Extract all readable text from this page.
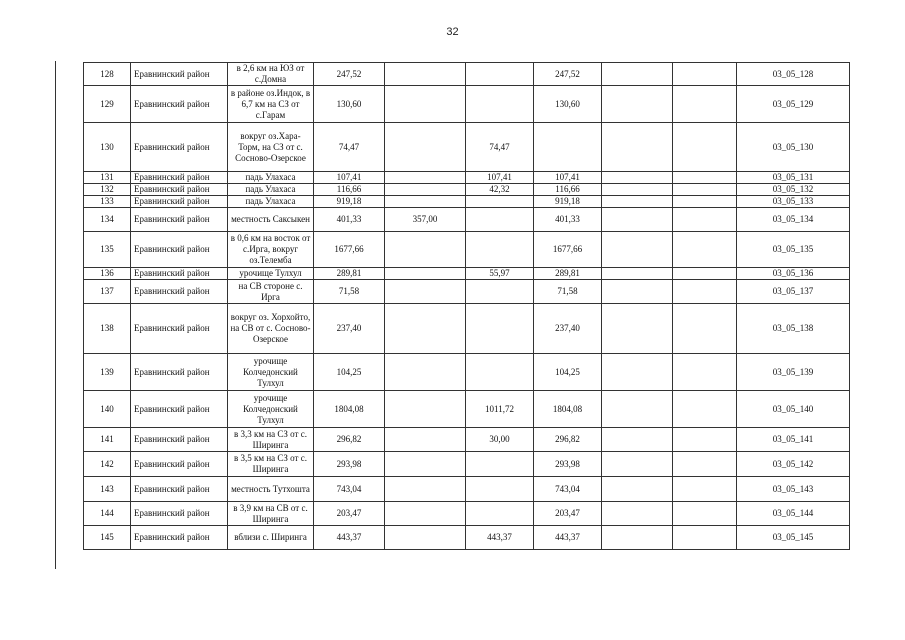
32
128	Еравнинский район	в 2,6 км на ЮЗ от с.Домна	247,52			247,52			03_05_128
129	Еравнинский район	в районе оз.Индок, в 6,7 км на СЗ от с.Гарам	130,60			130,60			03_05_129
130	Еравнинский район	вокруг оз.Хара-Торм, на СЗ от с. Сосново-Озерское	74,47		74,47				03_05_130
131	Еравнинский район	падь Улахаса	107,41		107,41	107,41			03_05_131
132	Еравнинский район	падь Улахаса	116,66		42,32	116,66			03_05_132
133	Еравнинский район	падь Улахаса	919,18			919,18			03_05_133
134	Еравнинский район	местность Саксыкен	401,33	357,00		401,33			03_05_134
135	Еравнинский район	в 0,6 км на восток от с.Ирга, вокруг оз.Телемба	1677,66			1677,66			03_05_135
136	Еравнинский район	урочище Тулхул	289,81		55,97	289,81			03_05_136
137	Еравнинский район	на СВ стороне с. Ирга	71,58			71,58			03_05_137
138	Еравнинский район	вокруг оз. Хорхойто, на СВ от с. Сосново-Озерское	237,40			237,40			03_05_138
139	Еравнинский район	урочище Колчедонский Тулхул	104,25			104,25			03_05_139
140	Еравнинский район	урочище Колчедонский Тулхул	1804,08		1011,72	1804,08			03_05_140
141	Еравнинский район	в 3,3 км на СЗ от с. Ширинга	296,82		30,00	296,82			03_05_141
142	Еравнинский район	в 3,5 км на СЗ от с. Ширинга	293,98			293,98			03_05_142
143	Еравнинский район	местность Тутхошта	743,04			743,04			03_05_143
144	Еравнинский район	в 3,9 км на СВ от с. Ширинга	203,47			203,47			03_05_144
145	Еравнинский район	вблизи с. Ширинга	443,37		443,37	443,37			03_05_145
